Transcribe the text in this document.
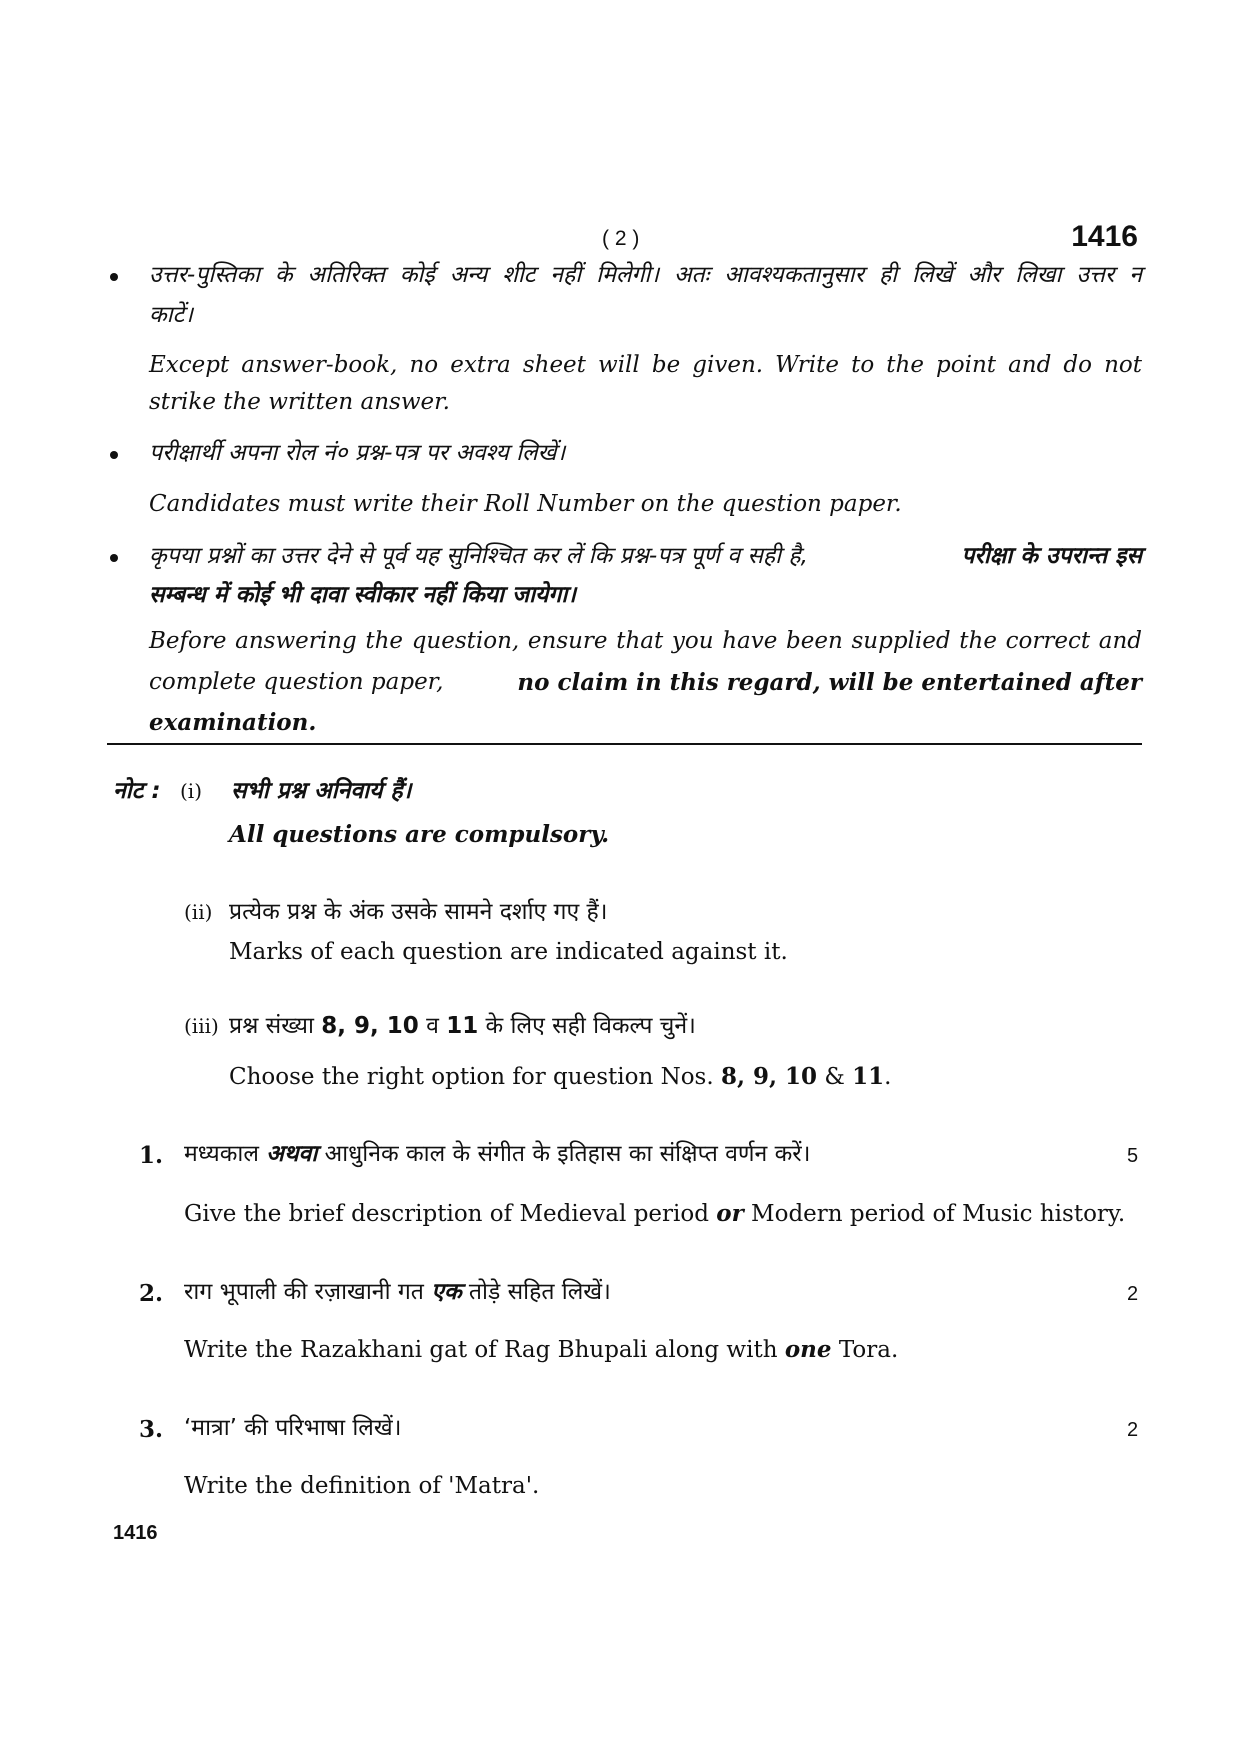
( 2 )	1416
उत्तर-पुस्तिका के अतिरिक्त कोई अन्य शीट नहीं मिलेगी। अतः आवश्यकतानुसार ही लिखें और लिखा उत्तर न
काटें।
Except answer-book, no extra sheet will be given. Write to the point and do not
strike the written answer.
परीक्षार्थी अपना रोल नं० प्रश्न-पत्र पर अवश्य लिखें।
Candidates must write their Roll Number on the question paper.
कृपया प्रश्नों का उत्तर देने से पूर्व यह सुनिश्चित कर लें कि प्रश्न-पत्र पूर्ण व सही है,	परीक्षा के उपरान्त इस
सम्बन्ध में कोई भी दावा स्वीकार नहीं किया जायेगा।
Before answering the question, ensure that you have been supplied the correct and
complete question paper,	no claim in this regard, will be entertained after
examination.
नोट : (i) सभी प्रश्न अनिवार्य हैं।
All questions are compulsory.
(ii) प्रत्येक प्रश्न के अंक उसके सामने दर्शाए गए हैं।
Marks of each question are indicated against it.
(iii) प्रश्न संख्या 8, 9, 10 व 11 के लिए सही विकल्प चुनें।
Choose the right option for question Nos. 8, 9, 10 & 11.
1. मध्यकाल अथवा आधुनिक काल के संगीत के इतिहास का संक्षिप्त वर्णन करें।	5
Give the brief description of Medieval period or Modern period of Music history.
2. राग भूपाली की रज़ाखानी गत एक तोड़े सहित लिखें।	2
Write the Razakhani gat of Rag Bhupali along with one Tora.
3. ‘मात्रा’ की परिभाषा लिखें।	2
Write the definition of 'Matra'.
1416
